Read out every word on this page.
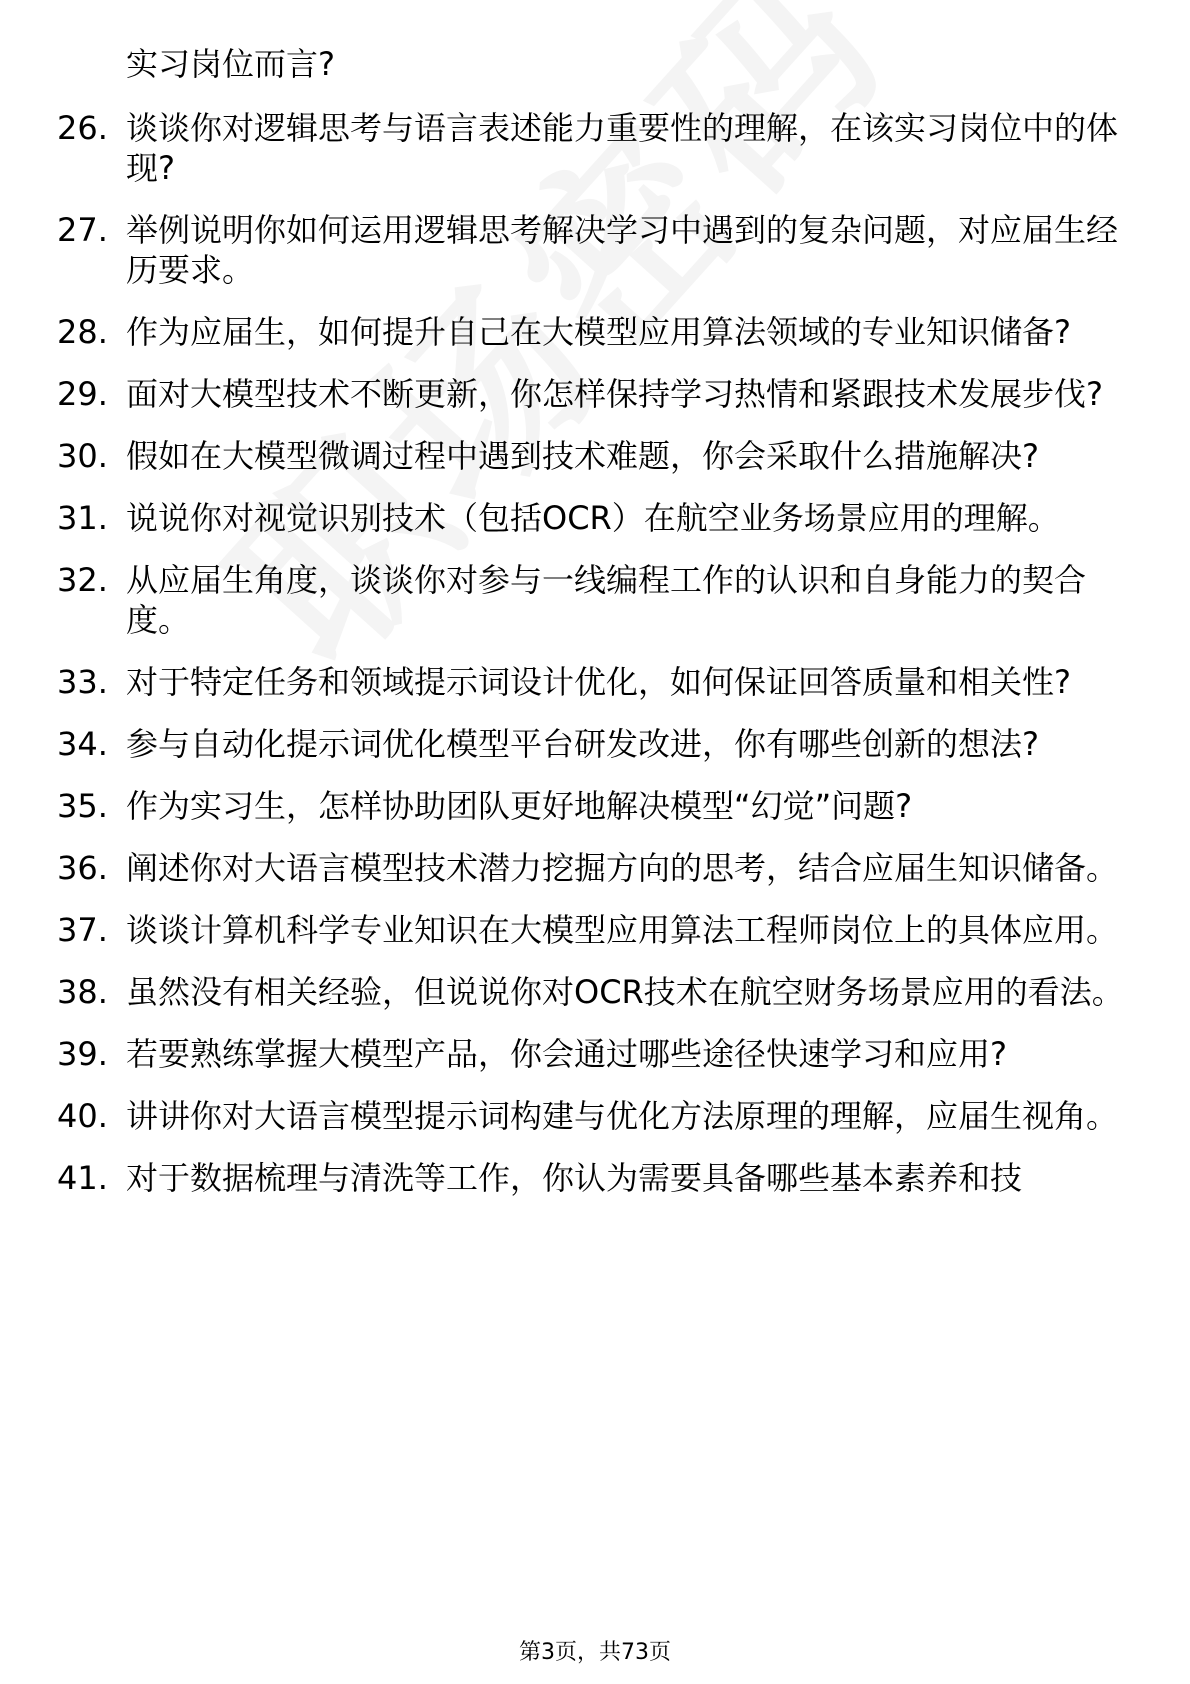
实习岗位而言?
26. 谈谈你对逻辑思考与语言表述能力重要性的理解，在该实习岗位中的体现?
27. 举例说明你如何运用逻辑思考解决学习中遇到的复杂问题，对应届生经历要求。
28. 作为应届生，如何提升自己在大模型应用算法领域的专业知识储备?
29. 面对大模型技术不断更新，你怎样保持学习热情和紧跟技术发展步伐?
30. 假如在大模型微调过程中遇到技术难题，你会采取什么措施解决?
31. 说说你对视觉识别技术（包括OCR）在航空业务场景应用的理解。
32. 从应届生角度，谈谈你对参与一线编程工作的认识和自身能力的契合度。
33. 对于特定任务和领域提示词设计优化，如何保证回答质量和相关性?
34. 参与自动化提示词优化模型平台研发改进，你有哪些创新的想法?
35. 作为实习生，怎样协助团队更好地解决模型“幻觉”问题?
36. 阐述你对大语言模型技术潜力挖掘方向的思考，结合应届生知识储备。
37. 谈谈计算机科学专业知识在大模型应用算法工程师岗位上的具体应用。
38. 虽然没有相关经验，但说说你对OCR技术在航空财务场景应用的看法。
39. 若要熟练掌握大模型产品，你会通过哪些途径快速学习和应用?
40. 讲讲你对大语言模型提示词构建与优化方法原理的理解，应届生视角。
41. 对于数据梳理与清洗等工作，你认为需要具备哪些基本素养和技
第3页，共73页
